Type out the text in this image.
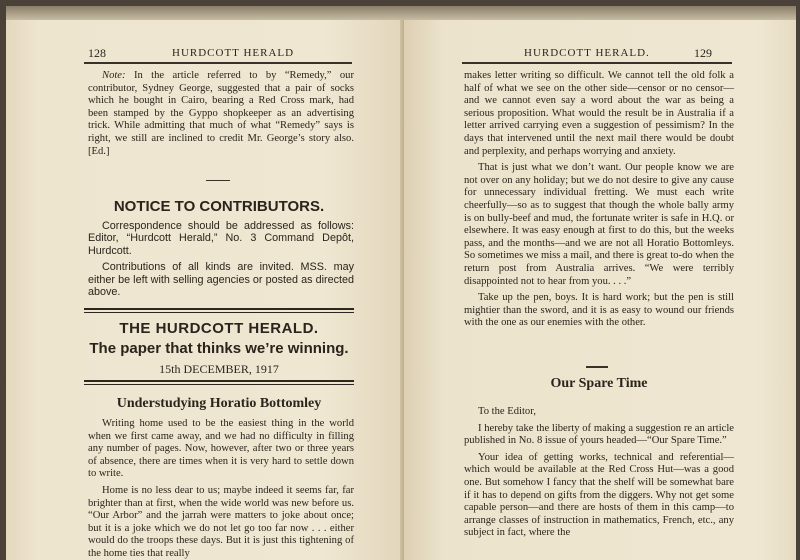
128	HURDCOTT HERALD

Note: In the article referred to by “Remedy,” our contributor, Sydney George, suggested that a pair of socks which he bought in Cairo, bearing a Red Cross mark, had been stamped by the Gyppo shopkeeper as an advertising trick. While admitting that much of what “Remedy” says is right, we still are inclined to credit Mr. George’s story also. [Ed.]

NOTICE TO CONTRIBUTORS.

Correspondence should be addressed as follows: Editor, “Hurdcott Herald,” No. 3 Command Depôt, Hurdcott.

Contributions of all kinds are invited. MSS. may either be left with selling agencies or posted as directed above.

THE HURDCOTT HERALD.
The paper that thinks we’re winning.
15th DECEMBER, 1917
Understudying Horatio Bottomley

Writing home used to be the easiest thing in the world when we first came away, and we had no difficulty in filling any number of pages. Now, however, after two or three years of absence, there are times when it is very hard to settle down to write.

Home is no less dear to us; maybe indeed it seems far, far brighter than at first, when the wide world was new before us. “Our Arbor” and the jarrah were matters to joke about once; but it is a joke which we do not let go too far now . . . either would do the troops these days. But it is just this tightening of the home ties that really

HURDCOTT HERALD.	129

makes letter writing so difficult. We cannot tell the old folk a half of what we see on the other side—censor or no censor—and we cannot even say a word about the war as being a serious proposition. What would the result be in Australia if a letter arrived carrying even a suggestion of pessimism? In the days that intervened until the next mail there would be doubt and perplexity, and perhaps worrying and anxiety.

That is just what we don’t want. Our people know we are not over on any holiday; but we do not desire to give any cause for unnecessary individual fretting. We must each write cheerfully—so as to suggest that though the whole bally army is on bully-beef and mud, the fortunate writer is safe in H.Q. or elsewhere. It was easy enough at first to do this, but the weeks pass, and the months—and we are not all Horatio Bottomleys. So sometimes we miss a mail, and there is great to-do when the return post from Australia arrives. “We were terribly disappointed not to hear from you. . . .”

Take up the pen, boys. It is hard work; but the pen is still mightier than the sword, and it is as easy to wound our friends with the one as our enemies with the other.

Our Spare Time

To the Editor,

I hereby take the liberty of making a suggestion re an article published in No. 8 issue of yours headed—“Our Spare Time.”

Your idea of getting works, technical and referential—which would be available at the Red Cross Hut—was a good one. But somehow I fancy that the shelf will be somewhat bare if it has to depend on gifts from the diggers. Why not get some capable person—and there are hosts of them in this camp—to arrange classes of instruction in mathematics, French, etc., any subject in fact, where the
